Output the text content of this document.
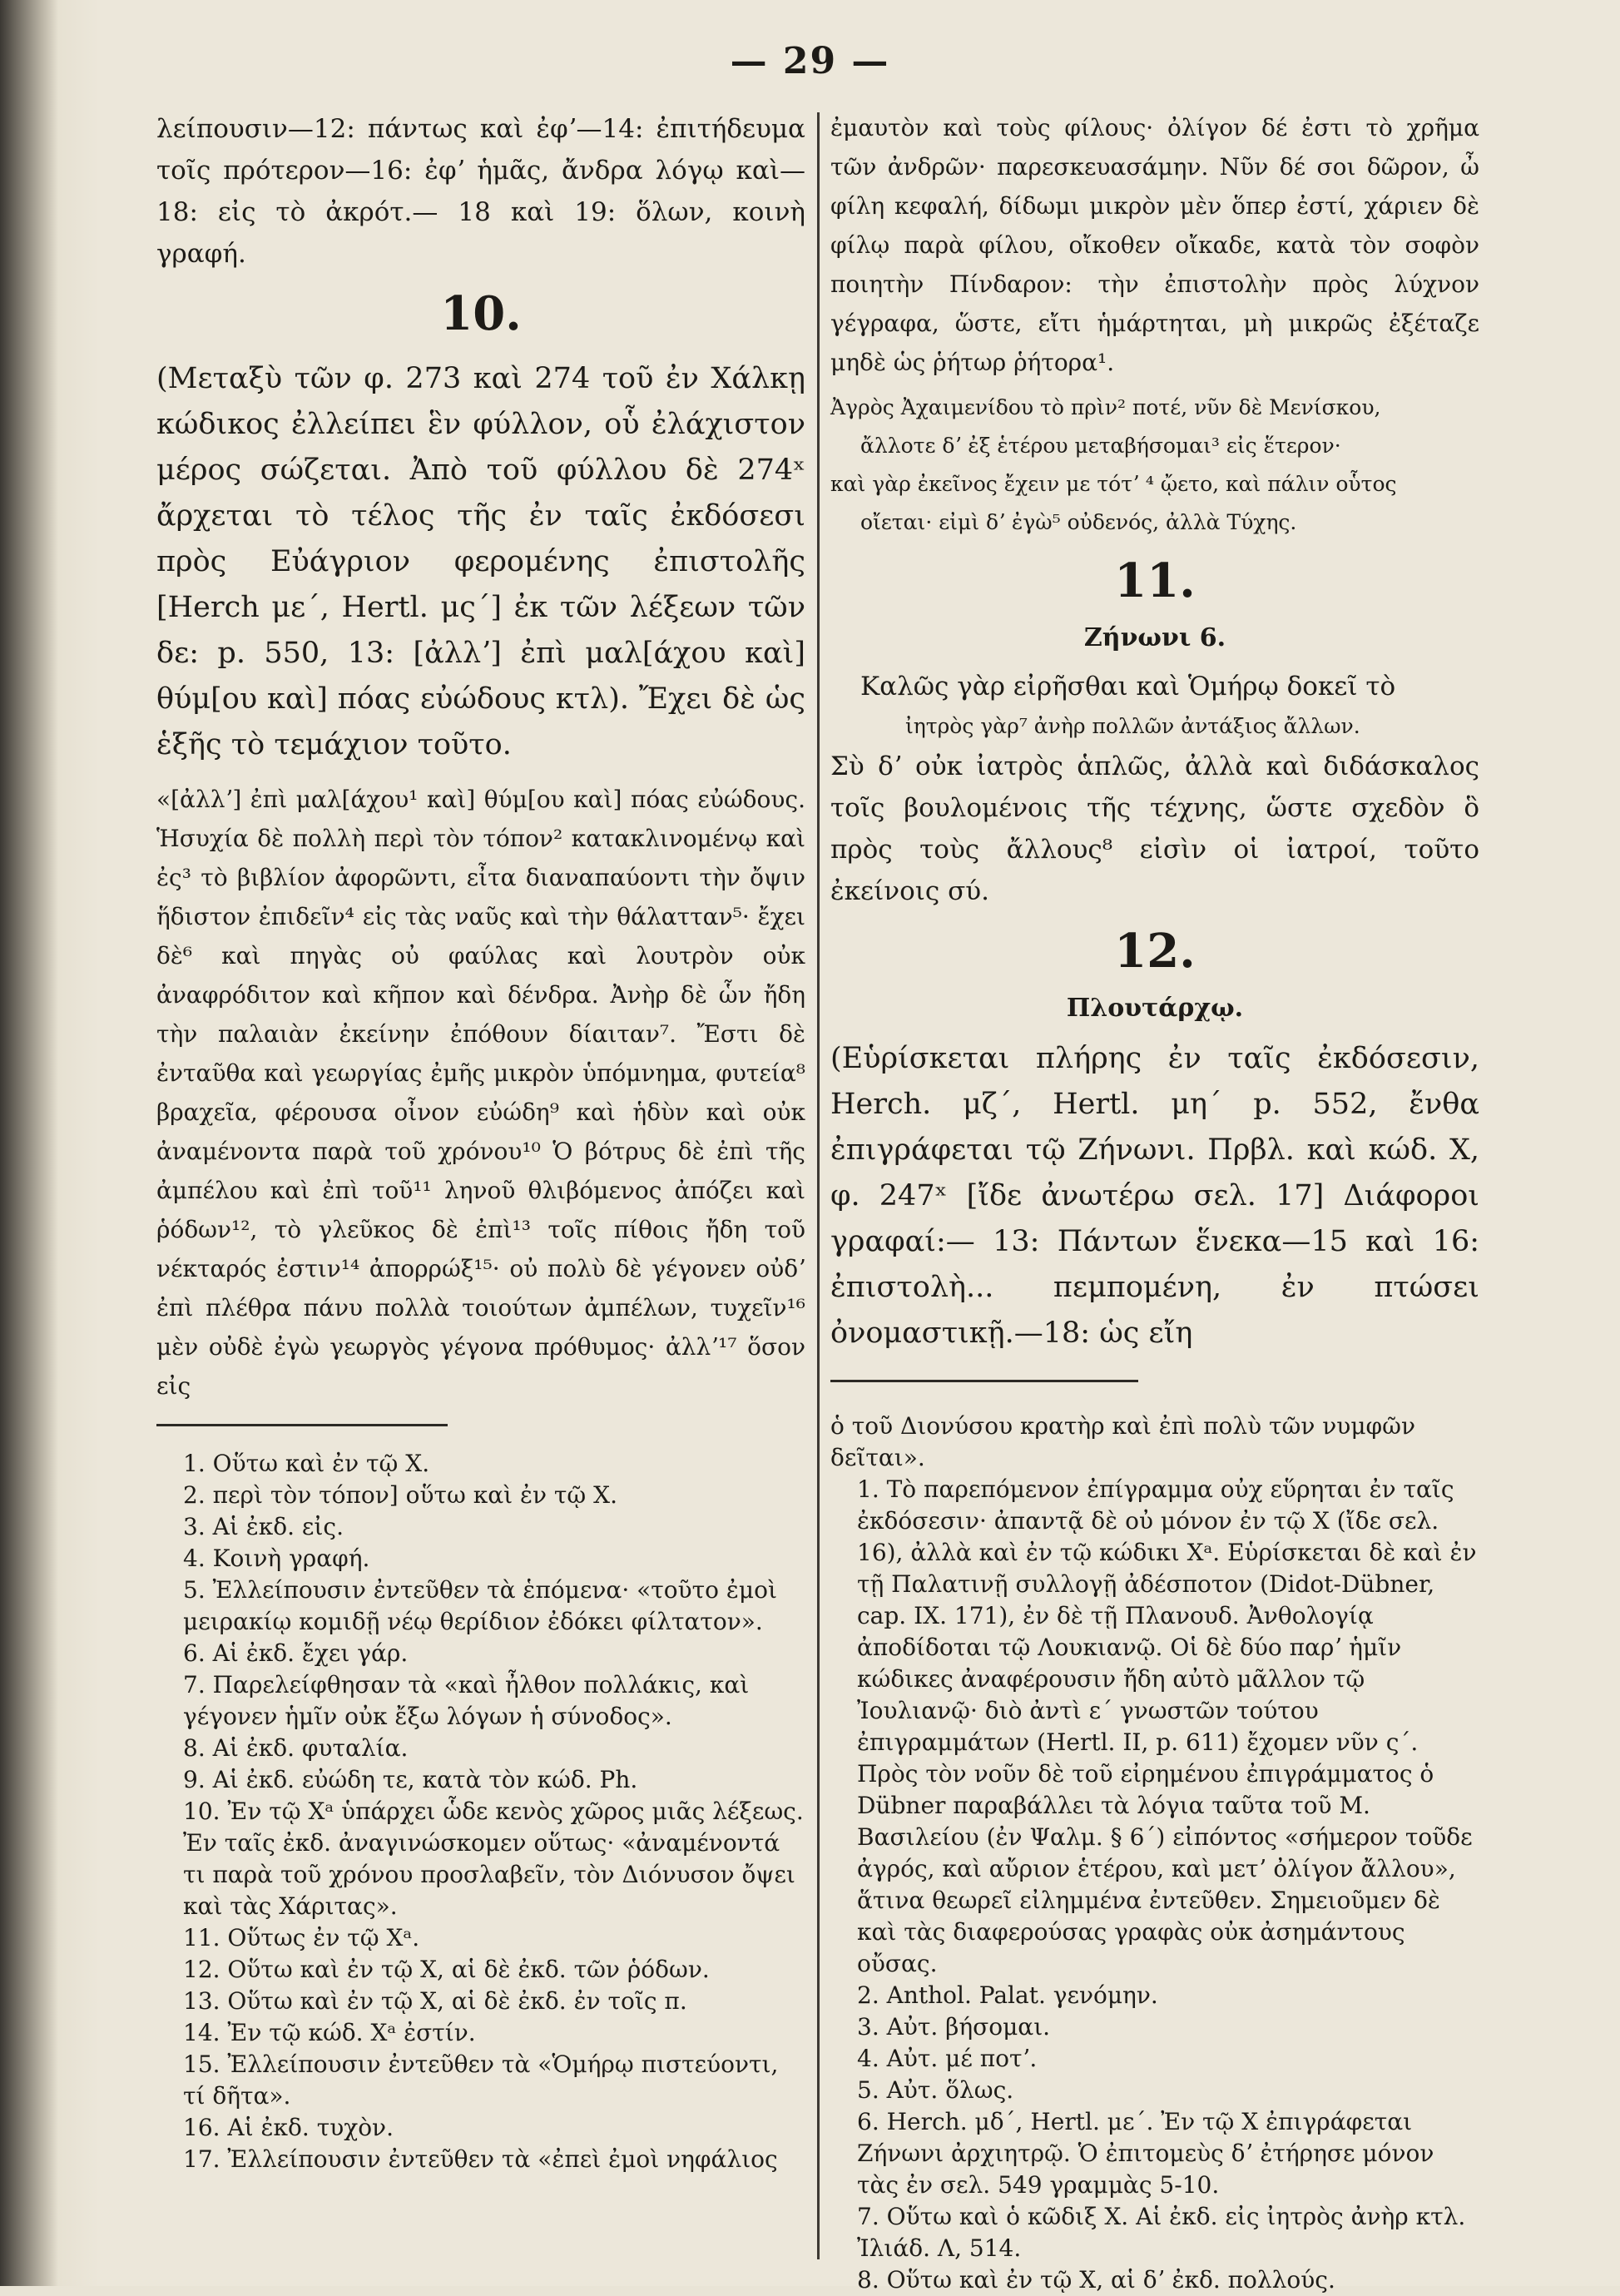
— 29 —

λείπουσιν—12: πάντως καὶ ἐφʼ—14: ἐπιτήδευμα τοῖς πρότερον—16: ἐφʼ ἡμᾶς, ἄνδρα λόγῳ καὶ—18: εἰς τὸ ἀκρότ.— 18 καὶ 19: ὅλων, κοινὴ γραφή.

10.

(Μεταξὺ τῶν φ. 273 καὶ 274 τοῦ ἐν Χάλκῃ κώδικος ἐλλείπει ἓν φύλλον, οὗ ἐλάχιστον μέρος σώζεται. Ἀπὸ τοῦ φύλλου δὲ 274ˣ ἄρχεται τὸ τέλος τῆς ἐν ταῖς ἐκδόσεσι πρὸς Εὐάγριον φερομένης ἐπιστολῆς [Herch με΄, Hertl. μς΄] ἐκ τῶν λέξεων τῶν δε: p. 550, 13: [ἀλλʼ] ἐπὶ μαλ[άχου καὶ] θύμ[ου καὶ] πόας εὐώδους κτλ). Ἔχει δὲ ὡς ἑξῆς τὸ τεμάχιον τοῦτο.

«[ἀλλʼ] ἐπὶ μαλ[άχου¹ καὶ] θύμ[ου καὶ] πόας εὐώδους. Ἡσυχία δὲ πολλὴ περὶ τὸν τόπον² κατακλινομένῳ καὶ ἐς³ τὸ βιβλίον ἀφορῶντι, εἶτα διαναπαύοντι τὴν ὄψιν ἥδιστον ἐπιδεῖν⁴ εἰς τὰς ναῦς καὶ τὴν θάλατταν⁵· ἔχει δὲ⁶ καὶ πηγὰς οὐ φαύλας καὶ λουτρὸν οὐκ ἀναφρόδιτον καὶ κῆπον καὶ δένδρα. Ἀνὴρ δὲ ὧν ἤδη τὴν παλαιὰν ἐκείνην ἐπόθουν δίαιταν⁷. Ἔστι δὲ ἐνταῦθα καὶ γεωργίας ἐμῆς μικρὸν ὑπόμνημα, φυτεία⁸ βραχεῖα, φέρουσα οἶνον εὐώδη⁹ καὶ ἡδὺν καὶ οὐκ ἀναμένοντα παρὰ τοῦ χρόνου¹⁰ Ὁ βότρυς δὲ ἐπὶ τῆς ἀμπέλου καὶ ἐπὶ τοῦ¹¹ ληνοῦ θλιβόμενος ἀπόζει καὶ ῥόδων¹², τὸ γλεῦκος δὲ ἐπὶ¹³ τοῖς πίθοις ἤδη τοῦ νέκταρός ἐστιν¹⁴ ἀπορρώξ¹⁵· οὐ πολὺ δὲ γέγονεν οὐδʼ ἐπὶ πλέθρα πάνυ πολλὰ τοιούτων ἀμπέλων, τυχεῖν¹⁶ μὲν οὐδὲ ἐγὼ γεωργὸς γέγονα πρόθυμος· ἀλλʼ¹⁷ ὅσον εἰς

1. Οὕτω καὶ ἐν τῷ Χ.

2. περὶ τὸν τόπον] οὕτω καὶ ἐν τῷ Χ.

3. Αἱ ἐκδ. εἰς.

4. Κοινὴ γραφή.

5. Ἐλλείπουσιν ἐντεῦθεν τὰ ἑπόμενα· «τοῦτο ἐμοὶ μειρακίῳ κομιδῇ νέῳ θερίδιον ἐδόκει φίλτατον».

6. Αἱ ἐκδ. ἔχει γάρ.

7. Παρελείφθησαν τὰ «καὶ ἦλθον πολλάκις, καὶ γέγονεν ἡμῖν οὐκ ἔξω λόγων ἡ σύνοδος».

8. Αἱ ἐκδ. φυταλία.

9. Αἱ ἐκδ. εὐώδη τε, κατὰ τὸν κώδ. Ph.

10. Ἐν τῷ Χᵃ ὑπάρχει ὧδε κενὸς χῶρος μιᾶς λέξεως. Ἐν ταῖς ἐκδ. ἀναγινώσκομεν οὕτως· «ἀναμένοντά τι παρὰ τοῦ χρόνου προσλαβεῖν, τὸν Διόνυσον ὄψει καὶ τὰς Χάριτας».

11. Οὕτως ἐν τῷ Χᵃ.

12. Οὕτω καὶ ἐν τῷ Χ, αἱ δὲ ἐκδ. τῶν ῥόδων.

13. Οὕτω καὶ ἐν τῷ Χ, αἱ δὲ ἐκδ. ἐν τοῖς π.

14. Ἐν τῷ κώδ. Χᵃ ἐστίν.

15. Ἐλλείπουσιν ἐντεῦθεν τὰ «Ὁμήρῳ πιστεύοντι, τί δῆτα».

16. Αἱ ἐκδ. τυχὸν.

17. Ἐλλείπουσιν ἐντεῦθεν τὰ «ἐπεὶ ἐμοὶ νηφάλιος

ἐμαυτὸν καὶ τοὺς φίλους· ὀλίγον δέ ἐστι τὸ χρῆμα τῶν ἀνδρῶν· παρεσκευασάμην. Νῦν δέ σοι δῶρον, ὦ φίλη κεφαλή, δίδωμι μικρὸν μὲν ὅπερ ἐστί, χάριεν δὲ φίλῳ παρὰ φίλου, οἴκοθεν οἴκαδε, κατὰ τὸν σοφὸν ποιητὴν Πίνδαρον: τὴν ἐπιστολὴν πρὸς λύχνον γέγραφα, ὥστε, εἴτι ἡμάρτηται, μὴ μικρῶς ἐξέταζε μηδὲ ὡς ῥήτωρ ῥήτορα¹.

Ἀγρὸς Ἀχαιμενίδου τὸ πρὶν² ποτέ, νῦν δὲ Μενίσκου,

ἄλλοτε δʼ ἐξ ἑτέρου μεταβήσομαι³ εἰς ἕτερον·

καὶ γὰρ ἐκεῖνος ἔχειν με τότʼ ⁴ ᾤετο, καὶ πάλιν οὗτος

οἴεται· εἰμὶ δʼ ἐγὼ⁵ οὐδενός, ἀλλὰ Τύχης.

11.

Ζήνωνι 6.

Καλῶς γὰρ εἰρῆσθαι καὶ Ὁμήρῳ δοκεῖ τὸ

ἰητρὸς γὰρ⁷ ἀνὴρ πολλῶν ἀντάξιος ἄλλων.

Σὺ δʼ οὐκ ἰατρὸς ἁπλῶς, ἀλλὰ καὶ διδάσκαλος τοῖς βουλομένοις τῆς τέχνης, ὥστε σχεδὸν ὃ πρὸς τοὺς ἄλλους⁸ εἰσὶν οἱ ἰατροί, τοῦτο ἐκείνοις σύ.

12.

Πλουτάρχῳ.

(Εὑρίσκεται πλήρης ἐν ταῖς ἐκδόσεσιν, Herch. μζ΄, Hertl. μη΄ p. 552, ἔνθα ἐπιγράφεται τῷ Ζήνωνι. Πρβλ. καὶ κώδ. Χ, φ. 247ˣ [ἴδε ἀνωτέρω σελ. 17] Διάφοροι γραφαί:— 13: Πάντων ἕνεκα—15 καὶ 16: ἐπιστολὴ... πεμπομένη, ἐν πτώσει ὀνομαστικῇ.—18: ὡς εἴη

ὁ τοῦ Διονύσου κρατὴρ καὶ ἐπὶ πολὺ τῶν νυμφῶν δεῖται».

1. Τὸ παρεπόμενον ἐπίγραμμα οὐχ εὕρηται ἐν ταῖς ἐκδόσεσιν· ἀπαντᾷ δὲ οὐ μόνον ἐν τῷ Χ (ἴδε σελ. 16), ἀλλὰ καὶ ἐν τῷ κώδικι Χᵃ. Εὑρίσκεται δὲ καὶ ἐν τῇ Παλατινῇ συλλογῇ ἀδέσποτον (Didot-Dübner, cap. IX. 171), ἐν δὲ τῇ Πλανουδ. Ἀνθολογίᾳ ἀποδίδοται τῷ Λουκιανῷ. Οἱ δὲ δύο παρʼ ἡμῖν κώδικες ἀναφέρουσιν ἤδη αὐτὸ μᾶλλον τῷ Ἰουλιανῷ· διὸ ἀντὶ ε΄ γνωστῶν τούτου ἐπιγραμμάτων (Hertl. II, p. 611) ἔχομεν νῦν ς΄. Πρὸς τὸν νοῦν δὲ τοῦ εἰρημένου ἐπιγράμματος ὁ Dübner παραβάλλει τὰ λόγια ταῦτα τοῦ Μ. Βασιλείου (ἐν Ψαλμ. § 6΄) εἰπόντος «σήμερον τοῦδε ἀγρός, καὶ αὔριον ἑτέρου, καὶ μετʼ ὀλίγον ἄλλου», ἅτινα θεωρεῖ εἰλημμένα ἐντεῦθεν. Σημειοῦμεν δὲ καὶ τὰς διαφερούσας γραφὰς οὐκ ἀσημάντους οὔσας.

2. Anthol. Palat. γενόμην.

3. Αὐτ. βήσομαι.

4. Αὐτ. μέ ποτʼ.

5. Αὐτ. ὅλως.

6. Herch. μδ΄, Hertl. με΄. Ἐν τῷ Χ ἐπιγράφεται Ζήνωνι ἀρχιητρῷ. Ὁ ἐπιτομεὺς δʼ ἐτήρησε μόνον τὰς ἐν σελ. 549 γραμμὰς 5-10.

7. Οὕτω καὶ ὁ κῶδιξ Χ. Αἱ ἐκδ. εἰς ἰητρὸς ἀνὴρ κτλ. Ἰλιάδ. Λ, 514.

8. Οὕτω καὶ ἐν τῷ Χ, αἱ δʼ ἐκδ. πολλούς.
